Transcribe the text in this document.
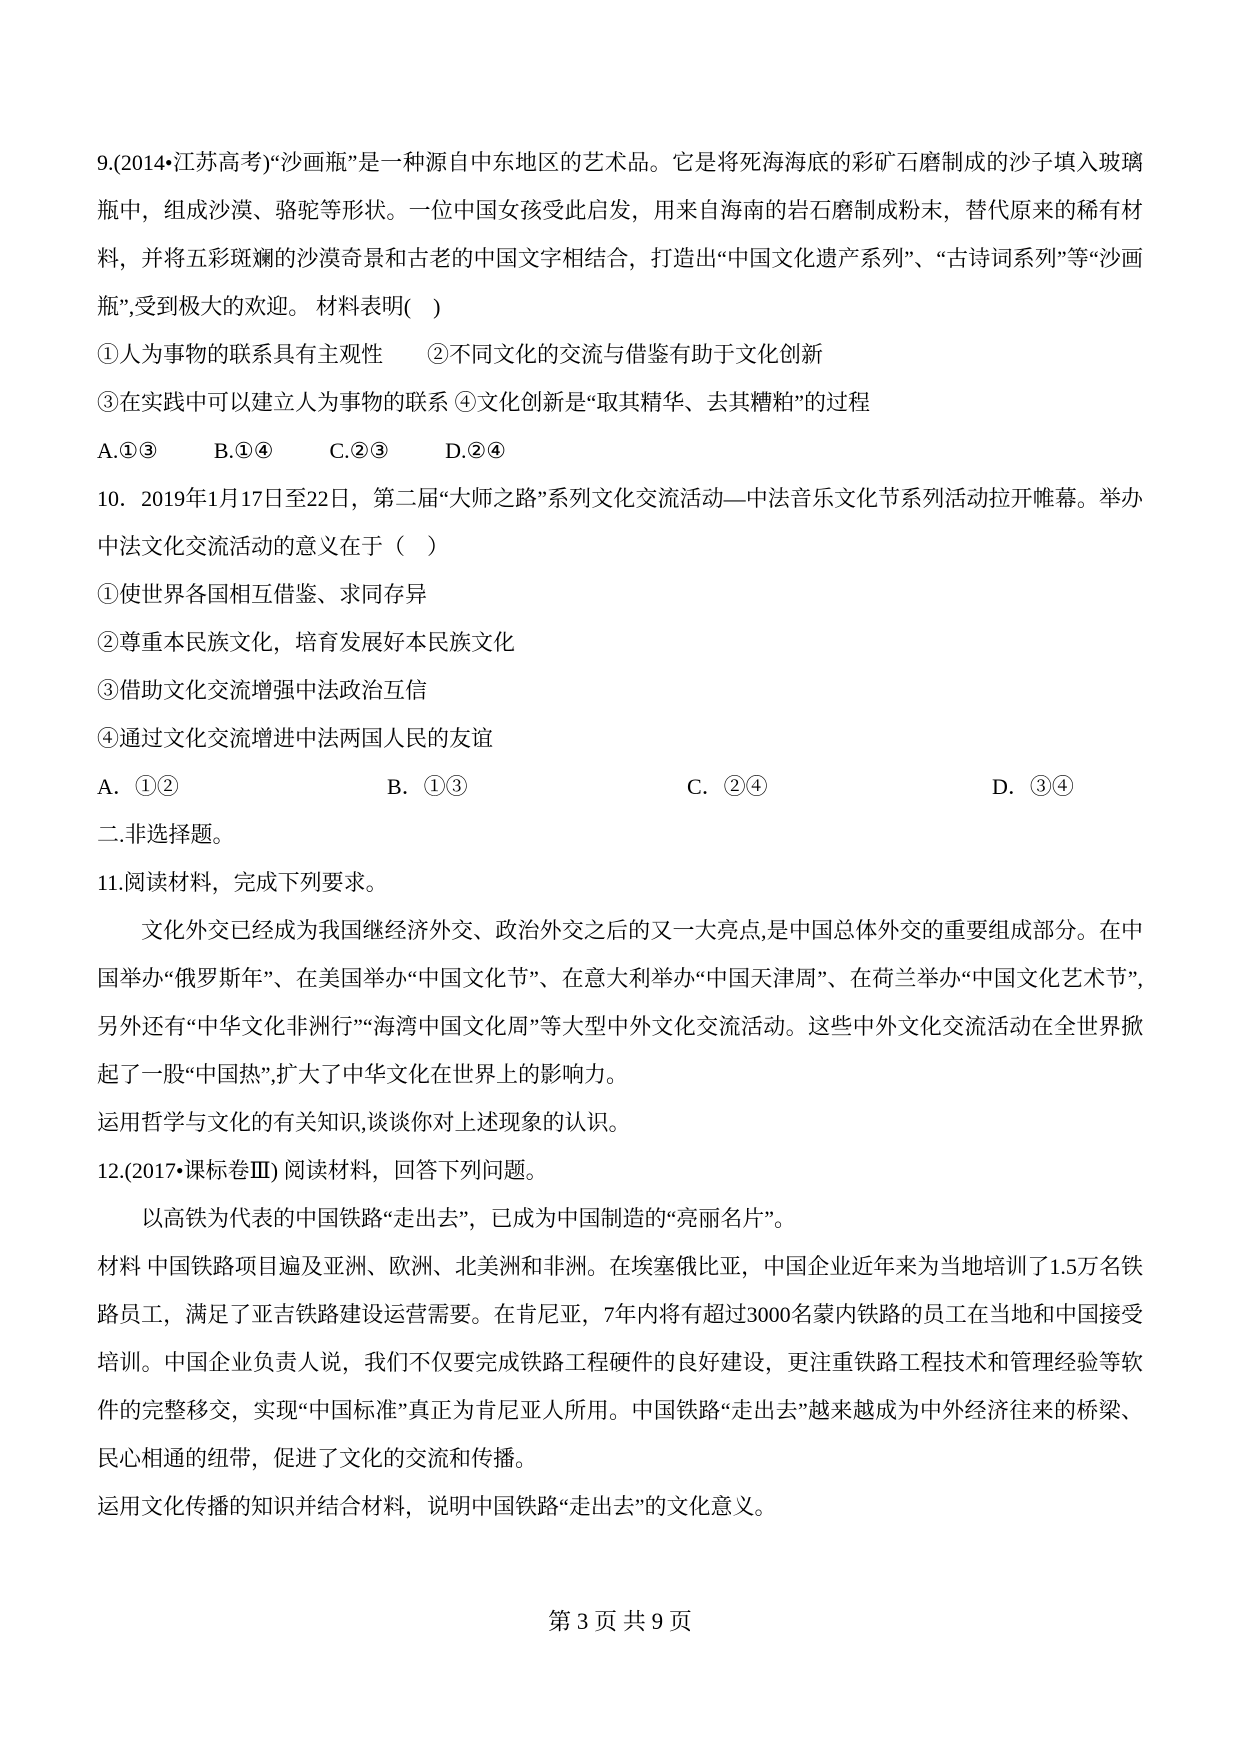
9.(2014•江苏高考)“沙画瓶”是一种源自中东地区的艺术品。它是将死海海底的彩矿石磨制成的沙子填入玻璃瓶中，组成沙漠、骆驼等形状。一位中国女孩受此启发，用来自海南的岩石磨制成粉末，替代原来的稀有材料，并将五彩斑斓的沙漠奇景和古老的中国文字相结合，打造出“中国文化遗产系列”、“古诗词系列”等“沙画瓶”,受到极大的欢迎。 材料表明(　)

①人为事物的联系具有主观性　　②不同文化的交流与借鉴有助于文化创新

③在实践中可以建立人为事物的联系 ④文化创新是“取其精华、去其糟粕”的过程

A.①③	B.①④	C.②③	D.②④

10．2019年1月17日至22日，第二届“大师之路”系列文化交流活动—中法音乐文化节系列活动拉开帷幕。举办中法文化交流活动的意义在于（　）

①使世界各国相互借鉴、求同存异

②尊重本民族文化，培育发展好本民族文化

③借助文化交流增强中法政治互信

④通过文化交流增进中法两国人民的友谊

A．①②	B．①③	C．②④	D．③④

二.非选择题。

11.阅读材料，完成下列要求。

文化外交已经成为我国继经济外交、政治外交之后的又一大亮点,是中国总体外交的重要组成部分。在中国举办“俄罗斯年”、在美国举办“中国文化节”、在意大利举办“中国天津周”、在荷兰举办“中国文化艺术节”,另外还有“中华文化非洲行”“海湾中国文化周”等大型中外文化交流活动。这些中外文化交流活动在全世界掀起了一股“中国热”,扩大了中华文化在世界上的影响力。

运用哲学与文化的有关知识,谈谈你对上述现象的认识。

12.(2017•课标卷Ⅲ) 阅读材料，回答下列问题。

以高铁为代表的中国铁路“走出去”，已成为中国制造的“亮丽名片”。

材料 中国铁路项目遍及亚洲、欧洲、北美洲和非洲。在埃塞俄比亚，中国企业近年来为当地培训了1.5万名铁路员工，满足了亚吉铁路建设运营需要。在肯尼亚，7年内将有超过3000名蒙内铁路的员工在当地和中国接受培训。中国企业负责人说，我们不仅要完成铁路工程硬件的良好建设，更注重铁路工程技术和管理经验等软件的完整移交，实现“中国标准”真正为肯尼亚人所用。中国铁路“走出去”越来越成为中外经济往来的桥梁、民心相通的纽带，促进了文化的交流和传播。

运用文化传播的知识并结合材料，说明中国铁路“走出去”的文化意义。

第 3 页 共 9 页
